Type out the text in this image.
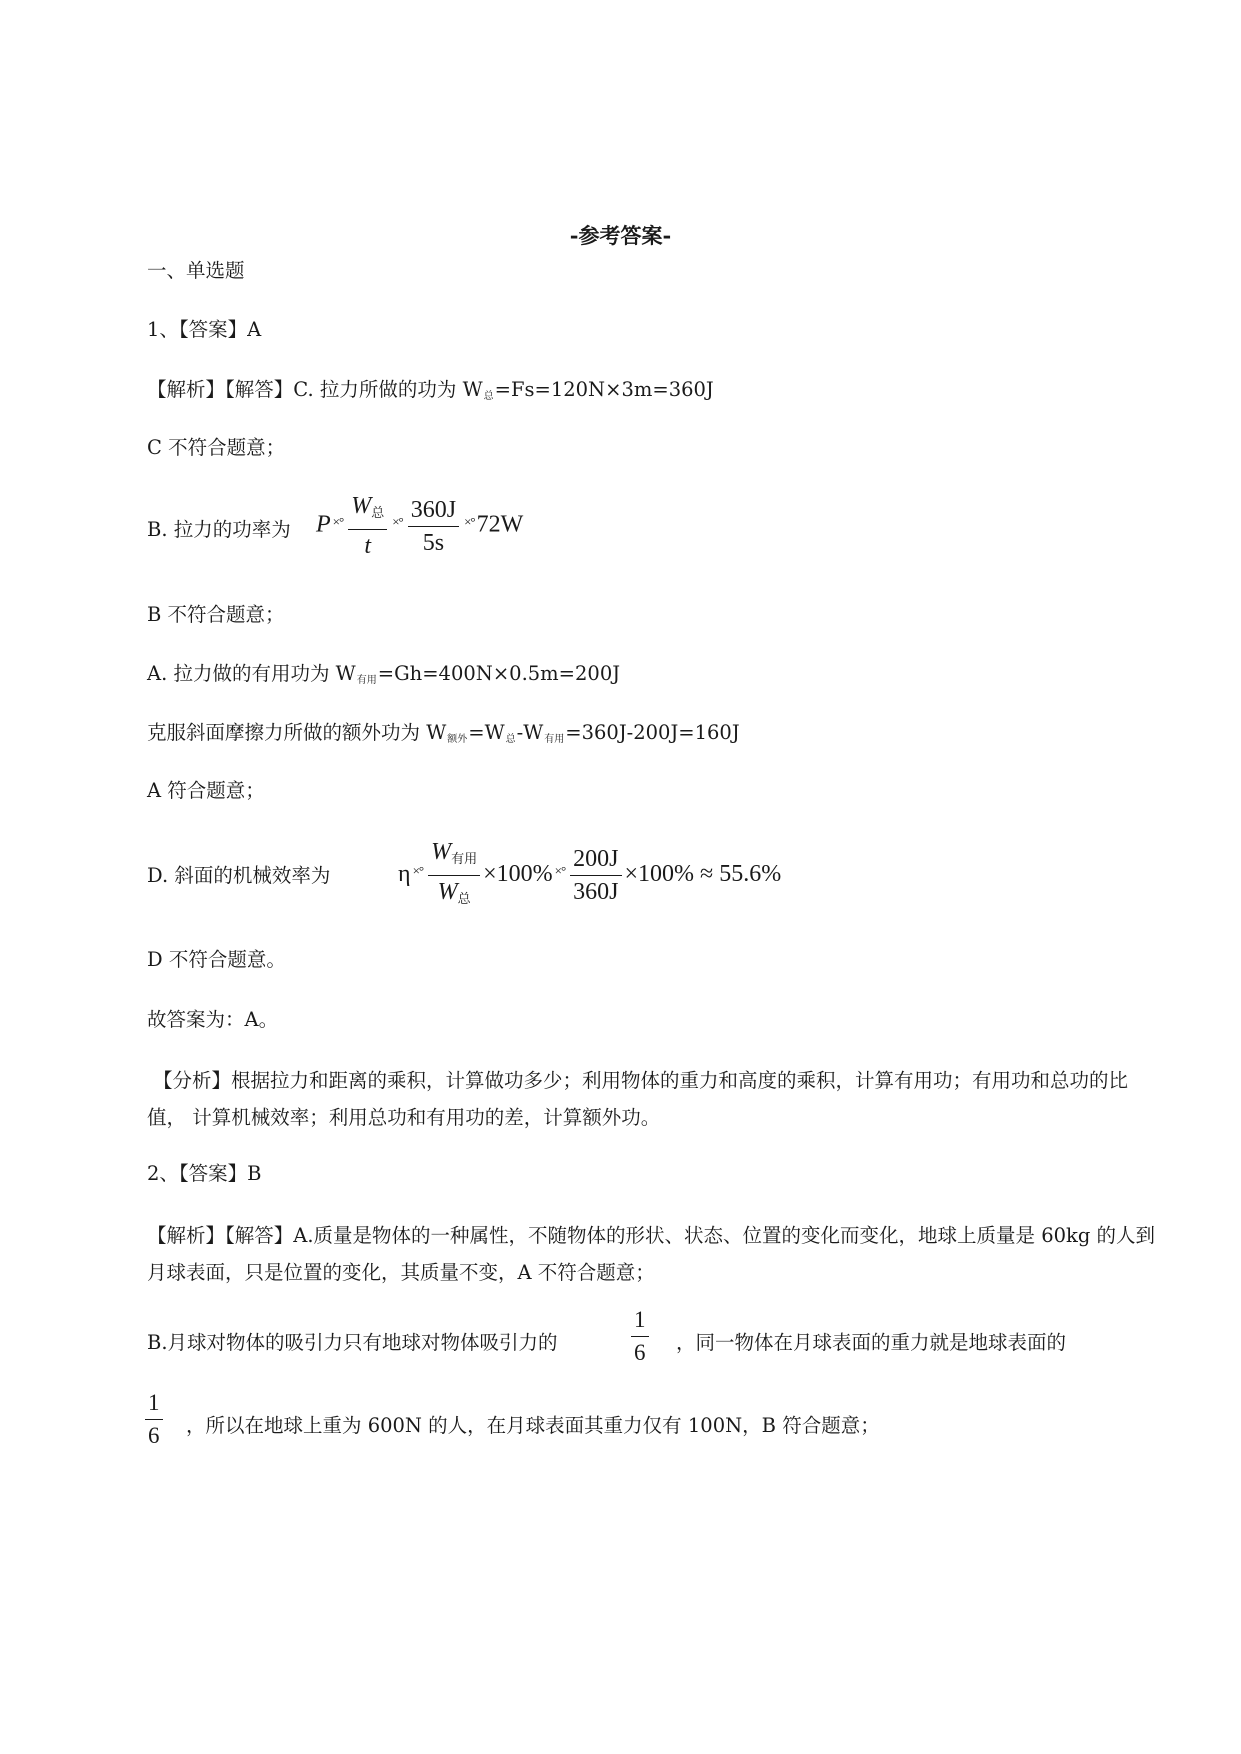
-参考答案-
一、单选题
1、【答案】A
【解析】【解答】C. 拉力所做的功为 $W_总=Fs=120N\times 3m=360J$
C 不符合题意；
B. 拉力的功率为 P $^{\times^\circ} \frac{\text{W总}}{t} ^{\times^\circ} \frac{360J}{5s} ^{\times^\circ}72W$
B 不符合题意；
A. 拉力做的有用功为 $W_{有用}=Gh=400N\times 0.5m=200J$
克服斜面摩擦力所做的额外功为 $W_{额外}=W_总-W_{有用}=360J-200J=160J$
A 符合题意；
D. 斜面的机械效率为	η $^{\times^\circ} \frac{\text{W有用}}{\text{W总}} \times 100\%$ $^{\times^\circ} \frac{200J}{360J} \times 100\% \approx 55.6\%$
D 不符合题意。
故答案为：A。
【分析】根据拉力和距离的乘积，计算做功多少；利用物体的重力和高度的乘积，计算有用功；有用功和总功的比值， 计算机械效率；利用总功和有用功的差，计算额外功。
2、【答案】B
【解析】【解答】A.质量是物体的一种属性，不随物体的形状、状态、位置的变化而变化，地球上质量是 60kg 的人到月球表面，只是位置的变化，其质量不变，A 不符合题意；
B.月球对物体的吸引力只有地球对物体吸引力的	$\frac{1}{6}$ ，同一物体在月球表面的重力就是地球表面的
$\frac{1}{6}$ ，所以在地球上重为 600N 的人，在月球表面其重力仅有 100N，B 符合题意；
